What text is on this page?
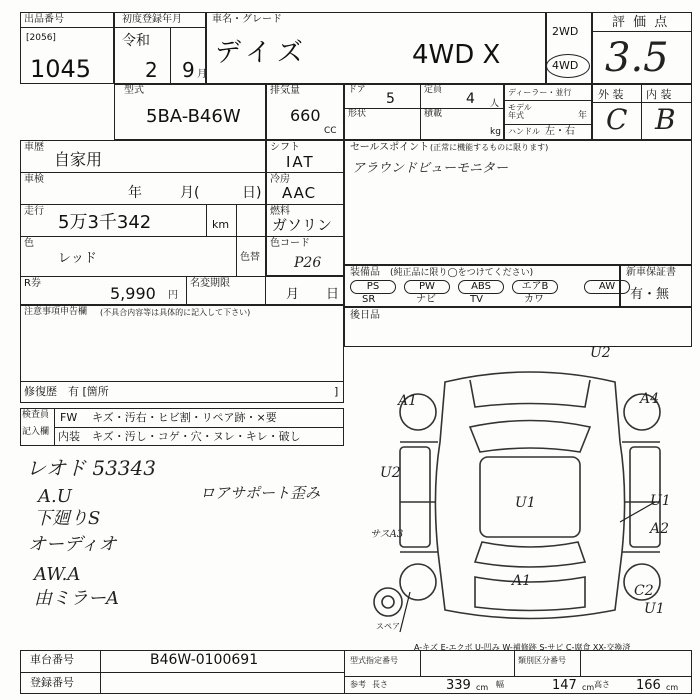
出品番号
[2056]
1045
初度登録年月
令和
2 9 月
車名・グレード
デイズ	4WD X
2WD
4WD
評 価 点
3.5
型式
5BA-B46W
排気量
660
CC
ドア
5
定員
4 人
形状	積載
kg
ディーラー・並行
モデル年式	年
ハンドル 左・右
外 装 内 装
C B
車歴
自家用
車検
年	月(	日)
走行
5万3千342	km
色
レッド	色替
R券
5,990 円
名変期限
月 日
シフト
IAT
冷房
AAC
燃料
ガソリン
色コード
P26
セールスポイント (正常に機能するものに限ります)
アラウンドビューモニター
装備品 (純正品に限り◯をつけてください)
PS
SR
PW
ナビ
ABS
TV
エアB
カワ
AW
新車保証書
有・無
後日品
注意事項申告欄 (不具合内容等は具体的に記入して下さい)
修復歴 有 [箇所	]
検査員
記入欄
FW キズ・汚右・ヒビ割・リペア跡・×要
内装 キズ・汚し・コゲ・穴・ヌレ・キレ・破し
レオド 53343
A.U
下廻りS
オーディオ
AW.A
由ミラーA
ロアサポート歪み
A1	A4
U2
U2
U1	U1
A2
サスA3
A1
C2
U1
スペア
A-キズ E-エクボ U-凹み W-補修跡 S-サビ C-腐食 XX-交換済
車台番号	B46W-0100691
登録番号
型式指定番号	類別区分番号
参考 長さ	339 cm 幅	147 cm 高さ 166 cm
